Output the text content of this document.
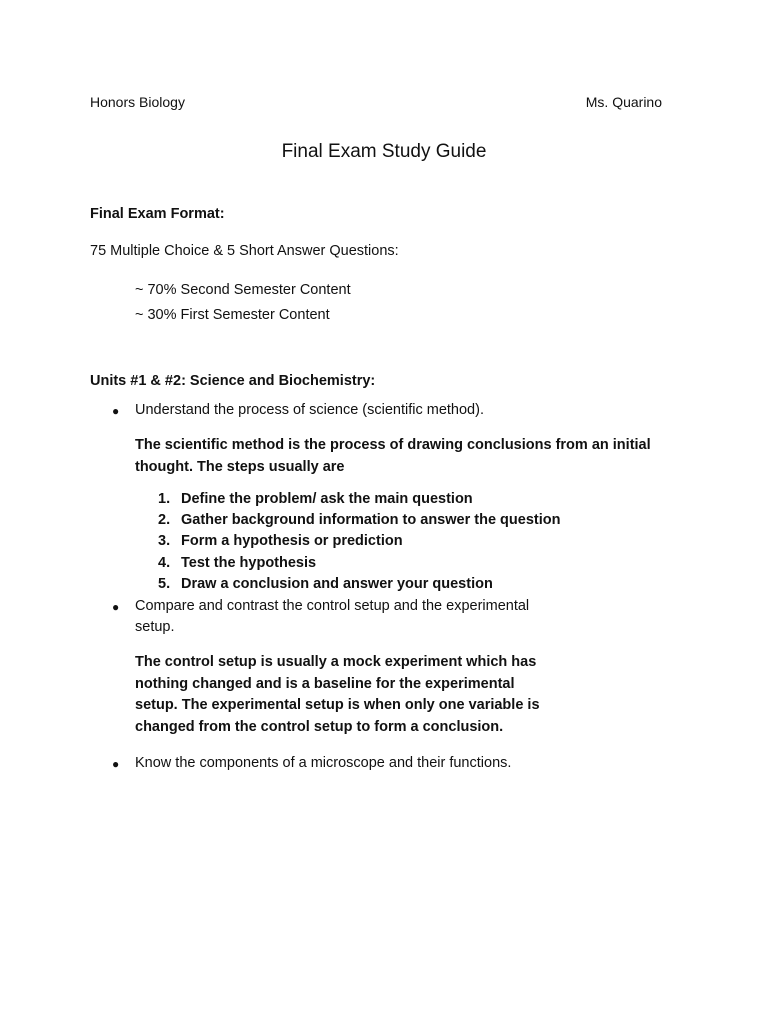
Honors Biology	Ms. Quarino
Final Exam Study Guide
Final Exam Format:
75 Multiple Choice & 5 Short Answer Questions:
~ 70% Second Semester Content
~ 30% First Semester Content
Units #1 & #2: Science and Biochemistry:
● Understand the process of science (scientific method).
The scientific method is the process of drawing conclusions from an initial
thought. The steps usually are
1. Define the problem/ ask the main question
2. Gather background information to answer the question
3. Form a hypothesis or prediction
4. Test the hypothesis
5. Draw a conclusion and answer your question
● Compare and contrast the control setup and the experimental
setup.
The control setup is usually a mock experiment which has
nothing changed and is a baseline for the experimental
setup. The experimental setup is when only one variable is
changed from the control setup to form a conclusion.
● Know the components of a microscope and their functions.
